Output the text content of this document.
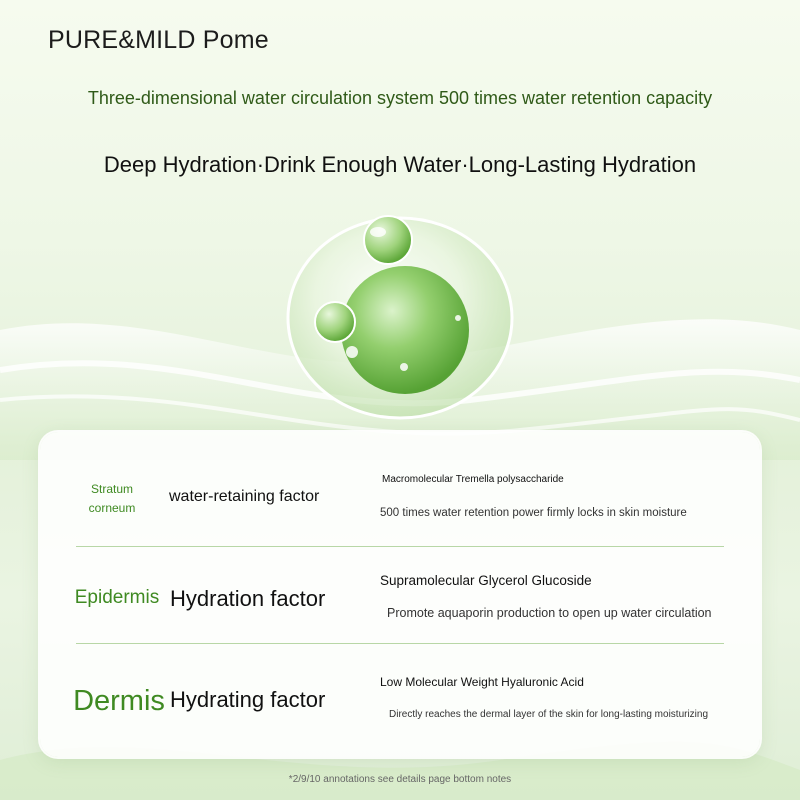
PURE&MILD Pome
Three-dimensional water circulation system 500 times water retention capacity
Deep Hydration·Drink Enough Water·Long-Lasting Hydration
Stratum
corneum
water-retaining factor
Macromolecular Tremella polysaccharide
500 times water retention power firmly locks in skin moisture
Epidermis Hydration factor
Supramolecular Glycerol Glucoside
Promote aquaporin production to open up water circulation
Dermis Hydrating factor
Low Molecular Weight Hyaluronic Acid
Directly reaches the dermal layer of the skin for long-lasting moisturizing
*2/9/10 annotations see details page bottom notes
